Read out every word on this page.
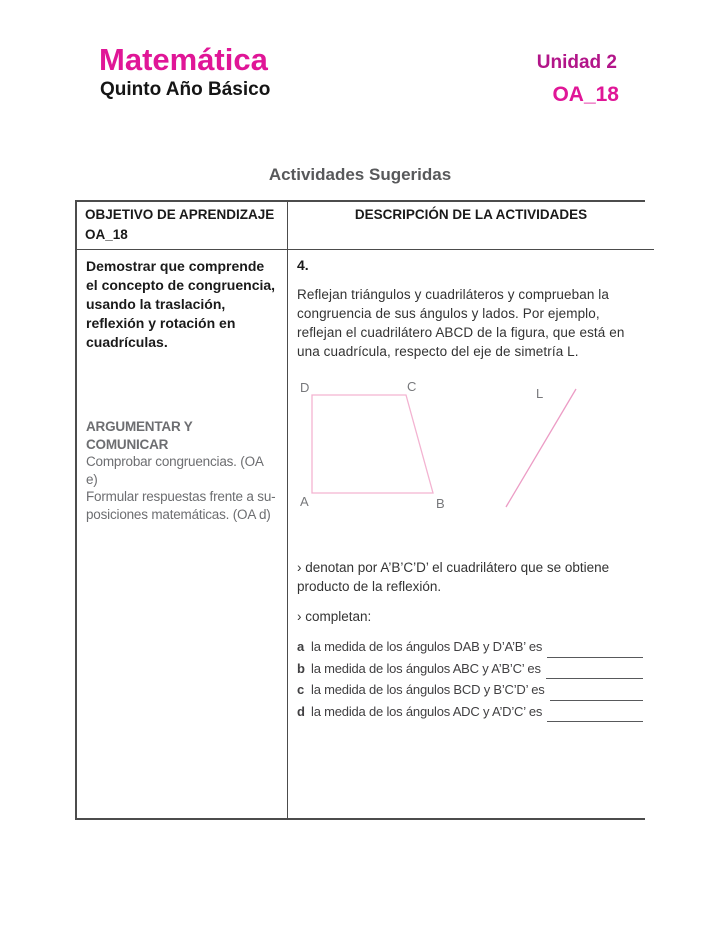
Matemática
Quinto Año Básico
Unidad 2
OA_18
Actividades Sugeridas
OBJETIVO DE APRENDIZAJE OA_18
DESCRIPCIÓN DE LA ACTIVIDADES
Demostrar que comprende el concepto de congruencia, usando la traslación, reflexión y rotación en cuadrículas.
ARGUMENTAR Y COMUNICAR
Comprobar congruencias. (OA e)
Formular respuestas frente a su-
posiciones matemáticas. (OA d)
4.
Reflejan triángulos y cuadriláteros y comprueban la congruencia de sus ángulos y lados. Por ejemplo, reflejan el cuadrilátero ABCD de la figura, que está en una cuadrícula, respecto del eje de simetría L.
D	C
A	B
L
› denotan por A’B’C’D’ el cuadrilátero que se obtiene producto de la reflexión.
› completan:
a la medida de los ángulos DAB y D’A’B’ es
b la medida de los ángulos ABC y A’B’C’ es
c la medida de los ángulos BCD y B’C’D’ es
d la medida de los ángulos ADC y A’D’C’ es
